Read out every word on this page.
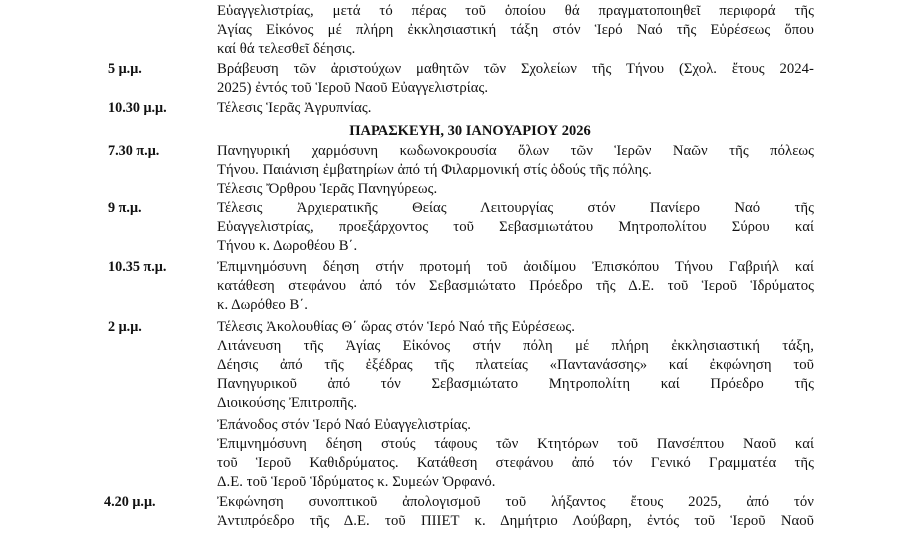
Εὐαγγελιστρίας, μετά τό πέρας τοῦ ὁποίου θά πραγματοποιηθεῖ περιφορά τῆς
Ἁγίας Εἰκόνος μέ πλήρη ἐκκλησιαστική τάξη στόν Ἱερό Ναό τῆς Εὑρέσεως ὅπου
καί θά τελεσθεῖ δέησις.
5 μ.μ.	Βράβευση τῶν ἀριστούχων μαθητῶν τῶν Σχολείων τῆς Τήνου (Σχολ. ἔτους 2024-
2025) ἐντός τοῦ Ἱεροῦ Ναοῦ Εὐαγγελιστρίας.
10.30 μ.μ.	Τέλεσις Ἱερᾶς Ἀγρυπνίας.
ΠΑΡΑΣΚΕΥΗ, 30 ΙΑΝΟΥΑΡΙΟΥ 2026
7.30 π.μ.	Πανηγυρική χαρμόσυνη κωδωνοκρουσία ὅλων τῶν Ἱερῶν Ναῶν τῆς πόλεως
Τήνου. Παιάνιση ἐμβατηρίων ἀπό τή Φιλαρμονική στίς ὁδούς τῆς πόλης.
Τέλεσις Ὄρθρου Ἱερᾶς Πανηγύρεως.
9 π.μ.	Τέλεσις Ἀρχιερατικῆς Θείας Λειτουργίας στόν Πανίερο Ναό τῆς
Εὐαγγελιστρίας, προεξάρχοντος τοῦ Σεβασμιωτάτου Μητροπολίτου Σύρου καί
Τήνου κ. Δωροθέου Β΄.
10.35 π.μ.	Ἐπιμνημόσυνη δέηση στήν προτομή τοῦ ἀοιδίμου Ἐπισκόπου Τήνου Γαβριήλ καί
κατάθεση στεφάνου ἀπό τόν Σεβασμιώτατο Πρόεδρο τῆς Δ.Ε. τοῦ Ἱεροῦ Ἱδρύματος
κ. Δωρόθεο Β΄.
2 μ.μ.	Τέλεσις Ἀκολουθίας Θ΄ ὥρας στόν Ἱερό Ναό τῆς Εὑρέσεως.
Λιτάνευση τῆς Ἁγίας Εἰκόνος στήν πόλη μέ πλήρη ἐκκλησιαστική τάξη,
Δέησις ἀπό τῆς ἐξέδρας τῆς πλατείας «Παντανάσσης» καί ἐκφώνηση τοῦ
Πανηγυρικοῦ ἀπό τόν Σεβασμιώτατο Μητροπολίτη καί Πρόεδρο τῆς
Διοικούσης Ἐπιτροπῆς.
Ἐπάνοδος στόν Ἱερό Ναό Εὐαγγελιστρίας.
Ἐπιμνημόσυνη δέηση στούς τάφους τῶν Κτητόρων τοῦ Πανσέπτου Ναοῦ καί
τοῦ Ἱεροῦ Καθιδρύματος. Κατάθεση στεφάνου ἀπό τόν Γενικό Γραμματέα τῆς
Δ.Ε. τοῦ Ἱεροῦ Ἱδρύματος κ. Συμεών Ὀρφανό.
4.20 μ.μ.	Ἐκφώνηση συνοπτικοῦ ἀπολογισμοῦ τοῦ λήξαντος ἔτους 2025, ἀπό τόν
Ἀντιπρόεδρο τῆς Δ.Ε. τοῦ ΠΙΙΕΤ κ. Δημήτριο Λούβαρη, ἐντός τοῦ Ἱεροῦ Ναοῦ
